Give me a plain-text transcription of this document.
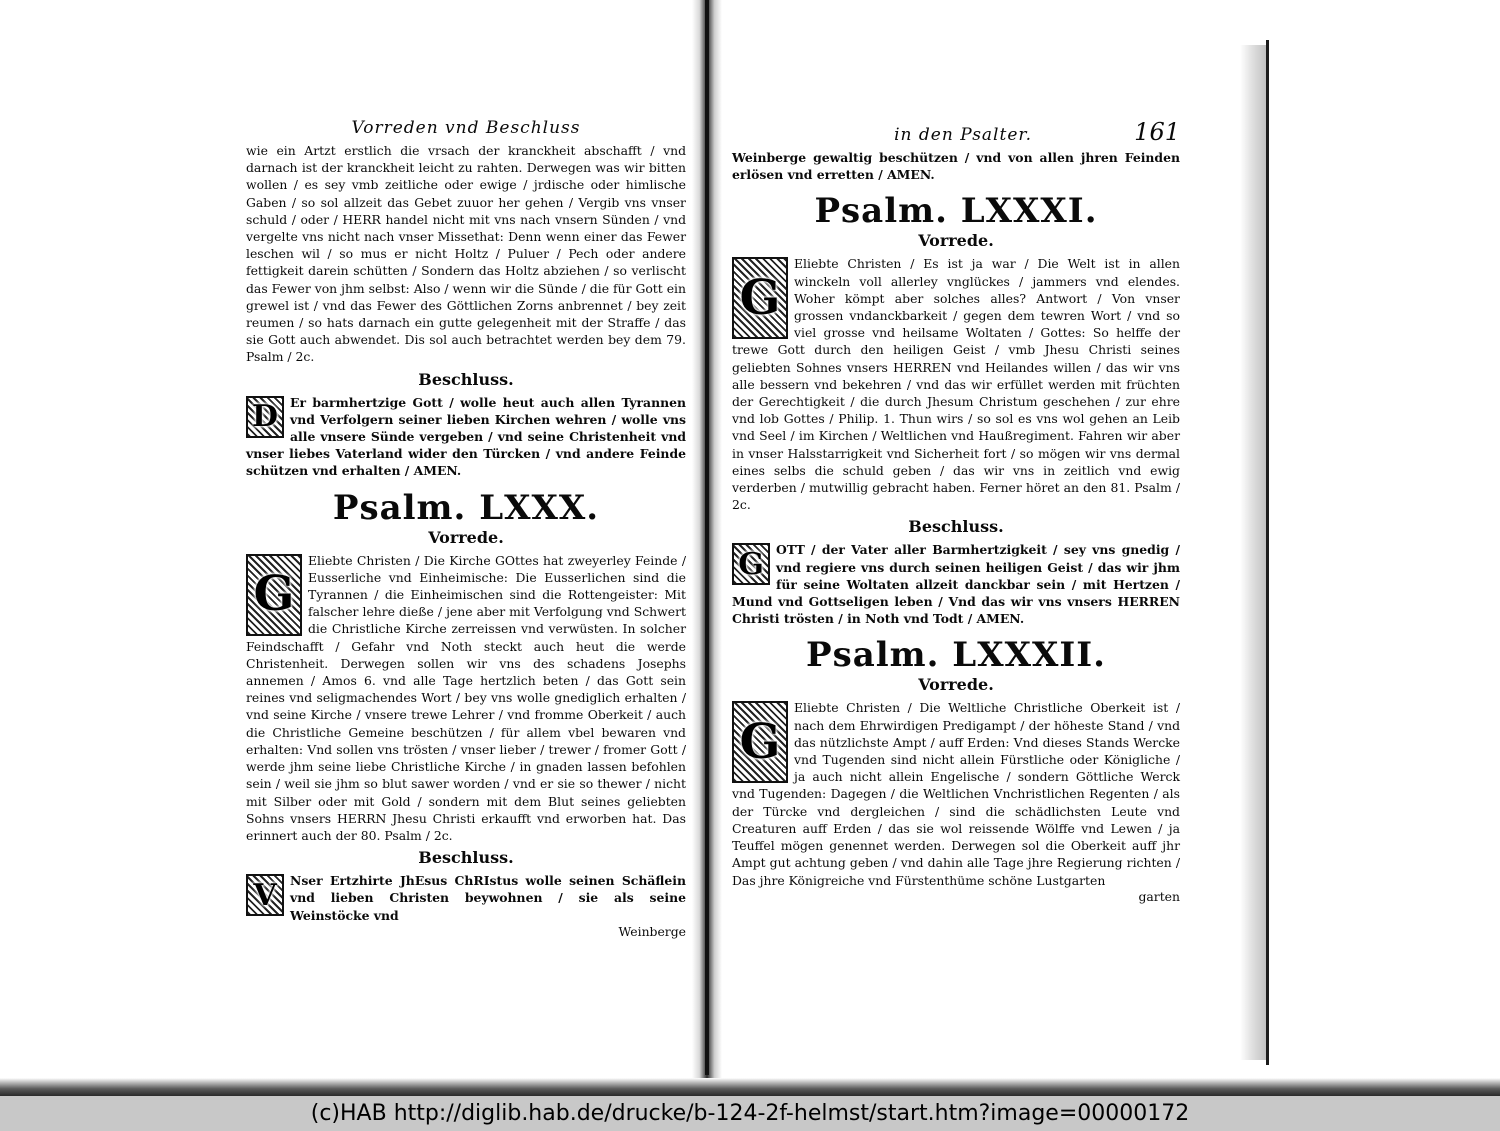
Vorreden vnd Beschluss
wie ein Artzt erstlich die vrsach der kranckheit abschafft / vnd darnach ist der kranckheit leicht zu rahten. Derwegen was wir bitten wollen / es sey vmb zeitliche oder ewige / jrdische oder himlische Gaben / so sol allzeit das Gebet zuuor her gehen / Vergib vns vnser schuld / oder / HERR handel nicht mit vns nach vnsern Sünden / vnd vergelte vns nicht nach vnser Missethat: Denn wenn einer das Fewer leschen wil / so mus er nicht Holtz / Puluer / Pech oder andere fettigkeit darein schütten / Sondern das Holtz abziehen / so verlischt das Fewer von jhm selbst: Also / wenn wir die Sünde / die für Gott ein grewel ist / vnd das Fewer des Göttlichen Zorns anbrennet / bey zeit reumen / so hats darnach ein gutte gelegenheit mit der Straffe / das sie Gott auch abwendet. Dis sol auch betrachtet werden bey dem 79. Psalm / 2c.
Beschluss.
D Er barmhertzige Gott / wolle heut auch allen Tyrannen vnd Verfolgern seiner lieben Kirchen wehren / wolle vns alle vnsere Sünde vergeben / vnd seine Christenheit vnd vnser liebes Vaterland wider den Türcken / vnd andere Feinde schützen vnd erhalten / AMEN.
Psalm. LXXX.
Vorrede.
G
Eliebte Christen / Die Kirche GOttes hat zweyerley Feinde / Eusserliche vnd Einheimische: Die Eusserlichen sind die Tyrannen / die Einheimischen sind die Rottengeister: Mit falscher lehre dieße / jene aber mit Verfolgung vnd Schwert die Christliche Kirche zerreissen vnd verwüsten. In solcher Feindschafft / Gefahr vnd Noth steckt auch heut die werde Christenheit. Derwegen sollen wir vns des schadens Josephs annemen / Amos 6. vnd alle Tage hertzlich beten / das Gott sein reines vnd seligmachendes Wort / bey vns wolle gnediglich erhalten / vnd seine Kirche / vnsere trewe Lehrer / vnd fromme Oberkeit / auch die Christliche Gemeine beschützen / für allem vbel bewaren vnd erhalten: Vnd sollen vns trösten / vnser lieber / trewer / fromer Gott / werde jhm seine liebe Christliche Kirche / in gnaden lassen befohlen sein / weil sie jhm so blut sawer worden / vnd er sie so thewer / nicht mit Silber oder mit Gold / sondern mit dem Blut seines geliebten Sohns vnsers HERRN Jhesu Christi erkaufft vnd erworben hat. Das erinnert auch der 80. Psalm / 2c.
Beschluss.
V	Nser Ertzhirte JhEsus ChRIstus wolle seinen Schäflein vnd lieben Christen beywohnen / sie als seine Weinstöcke vnd
Weinberge
in den Psalter.	161
Weinberge gewaltig beschützen / vnd von allen jhren Feinden erlösen vnd erretten / AMEN.
Psalm. LXXXI.
Vorrede.
G
Eliebte Christen / Es ist ja war / Die Welt ist in allen winckeln voll allerley vnglückes / jammers vnd elendes. Woher kömpt aber solches alles? Antwort / Von vnser grossen vndanckbarkeit / gegen dem tewren Wort / vnd so viel grosse vnd heilsame Woltaten / Gottes: So helffe der trewe Gott durch den heiligen Geist / vmb Jhesu Christi seines geliebten Sohnes vnsers HERREN vnd Heilandes willen / das wir vns alle bessern vnd bekehren / vnd das wir erfüllet werden mit früchten der Gerechtigkeit / die durch Jhesum Christum geschehen / zur ehre vnd lob Gottes / Philip. 1. Thun wirs / so sol es vns wol gehen an Leib vnd Seel / im Kirchen / Weltlichen vnd Haußregiment. Fahren wir aber in vnser Halsstarrigkeit vnd Sicherheit fort / so mögen wir vns dermal eines selbs die schuld geben / das wir vns in zeitlich vnd ewig verderben / mutwillig gebracht haben. Ferner höret an den 81. Psalm / 2c.
Beschluss.
G OTT / der Vater aller Barmhertzigkeit / sey vns gnedig / vnd regiere vns durch seinen heiligen Geist / das wir jhm für seine Woltaten allzeit danckbar sein / mit Hertzen / Mund vnd Gottseligen leben / Vnd das wir vns vnsers HERREN Christi trösten / in Noth vnd Todt / AMEN.
Psalm. LXXXII.
Vorrede.
G
Eliebte Christen / Die Weltliche Christliche Oberkeit ist / nach dem Ehrwirdigen Predigampt / der höheste Stand / vnd das nützlichste Ampt / auff Erden: Vnd dieses Stands Wercke vnd Tugenden sind nicht allein Fürstliche oder Königliche / ja auch nicht allein Engelische / sondern Göttliche Werck vnd Tugenden: Dagegen / die Weltlichen Vnchristlichen Regenten / als der Türcke vnd dergleichen / sind die schädlichsten Leute vnd Creaturen auff Erden / das sie wol reissende Wölffe vnd Lewen / ja Teuffel mögen genennet werden. Derwegen sol die Oberkeit auff jhr Ampt gut achtung geben / vnd dahin alle Tage jhre Regierung richten / Das jhre Königreiche vnd Fürstenthüme schöne Lustgarten
garten
(c)HAB http://diglib.hab.de/drucke/b-124-2f-helmst/start.htm?image=00000172
